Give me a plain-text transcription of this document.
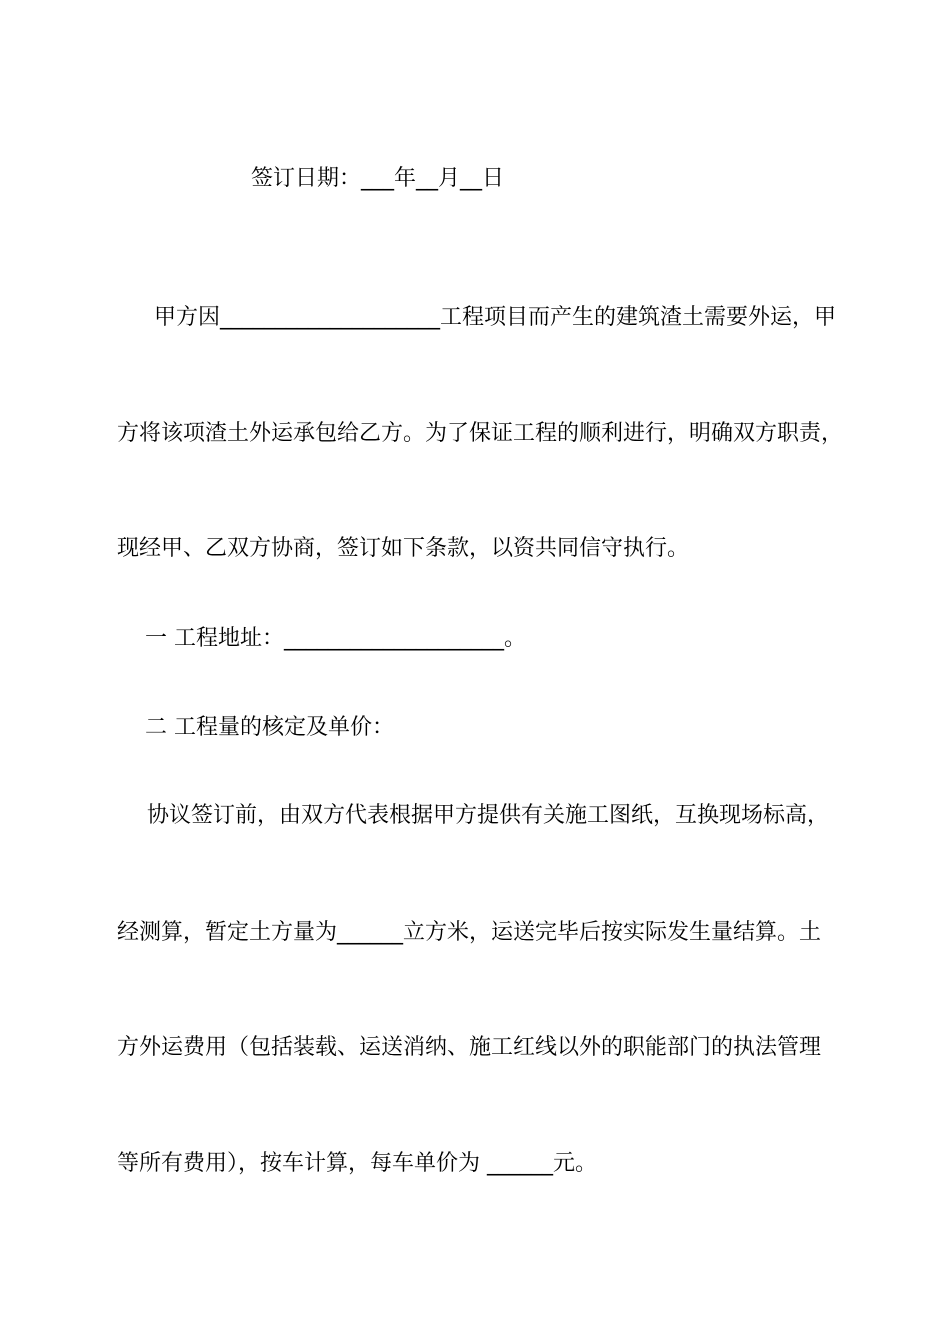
签订日期：___年__月__日
甲方因____________________工程项目而产生的建筑渣土需要外运，甲
方将该项渣土外运承包给乙方。为了保证工程的顺利进行，明确双方职责，
现经甲、乙双方协商，签订如下条款，以资共同信守执行。
一 工程地址：____________________。
二 工程量的核定及单价：
协议签订前，由双方代表根据甲方提供有关施工图纸，互换现场标高，
经测算，暂定土方量为______立方米，运送完毕后按实际发生量结算。土
方外运费用（包括装载、运送消纳、施工红线以外的职能部门的执法管理
等所有费用），按车计算，每车单价为 ______元。
